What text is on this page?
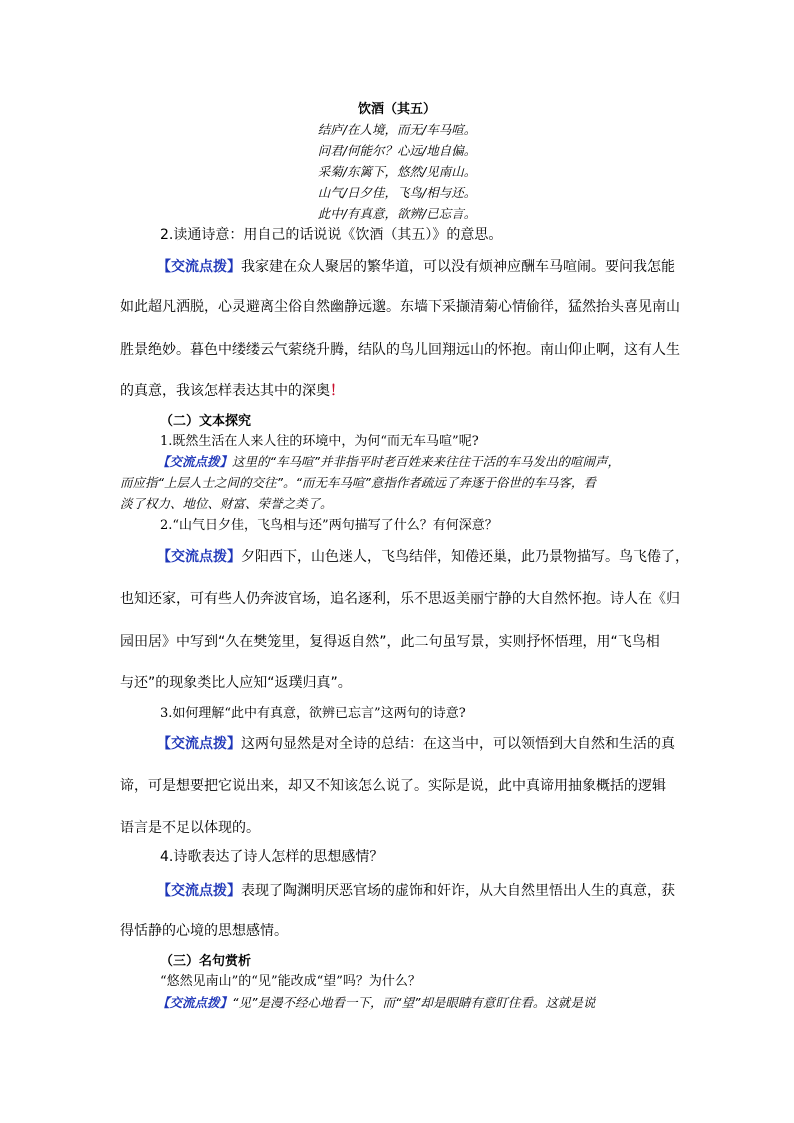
饮酒（其五）
结庐/在人境，而无/车马喧。
问君/何能尔？心远/地自偏。
采菊/东篱下，悠然/见南山。
山气/日夕佳，飞鸟/相与还。
此中/有真意，欲辨/已忘言。
2.读通诗意：用自己的话说说《饮酒（其五）》的意思。
【交流点拨】我家建在众人聚居的繁华道，可以没有烦神应酬车马喧闹。要问我怎能
如此超凡洒脱，心灵避离尘俗自然幽静远邈。东墙下采撷清菊心情偷徉，猛然抬头喜见南山
胜景绝妙。暮色中缕缕云气萦绕升腾，结队的鸟儿回翔远山的怀抱。南山仰止啊，这有人生
的真意，我该怎样表达其中的深奥！
（二）文本探究
1.既然生活在人来人往的环境中，为何“而无车马喧”呢?
【交流点拨】这里的“车马喧”并非指平时老百姓来来往往干活的车马发出的喧闹声，
而应指“上层人士之间的交往”。“而无车马喧”意指作者疏远了奔逐于俗世的车马客，看
淡了权力、地位、财富、荣誉之类了。
2.“山气日夕佳，飞鸟相与还”两句描写了什么？有何深意？
【交流点拨】夕阳西下，山色迷人，飞鸟结伴，知倦还巢，此乃景物描写。鸟飞倦了，
也知还家，可有些人仍奔波官场，追名逐利，乐不思返美丽宁静的大自然怀抱。诗人在《归
园田居》中写到“久在樊笼里，复得返自然”，此二句虽写景，实则抒怀悟理，用“飞鸟相
与还”的现象类比人应知“返璞归真”。
3.如何理解“此中有真意，欲辨已忘言”这两句的诗意?
【交流点拨】这两句显然是对全诗的总结：在这当中，可以领悟到大自然和生活的真
谛，可是想要把它说出来，却又不知该怎么说了。实际是说，此中真谛用抽象概括的逻辑
语言是不足以体现的。
4.诗歌表达了诗人怎样的思想感情？
【交流点拨】表现了陶渊明厌恶官场的虚饰和奸诈，从大自然里悟出人生的真意，获
得恬静的心境的思想感情。
（三）名句赏析
“悠然见南山”的“见”能改成“望”吗？为什么？
【交流点拨】“见”是漫不经心地看一下，而“望”却是眼睛有意盯住看。这就是说
